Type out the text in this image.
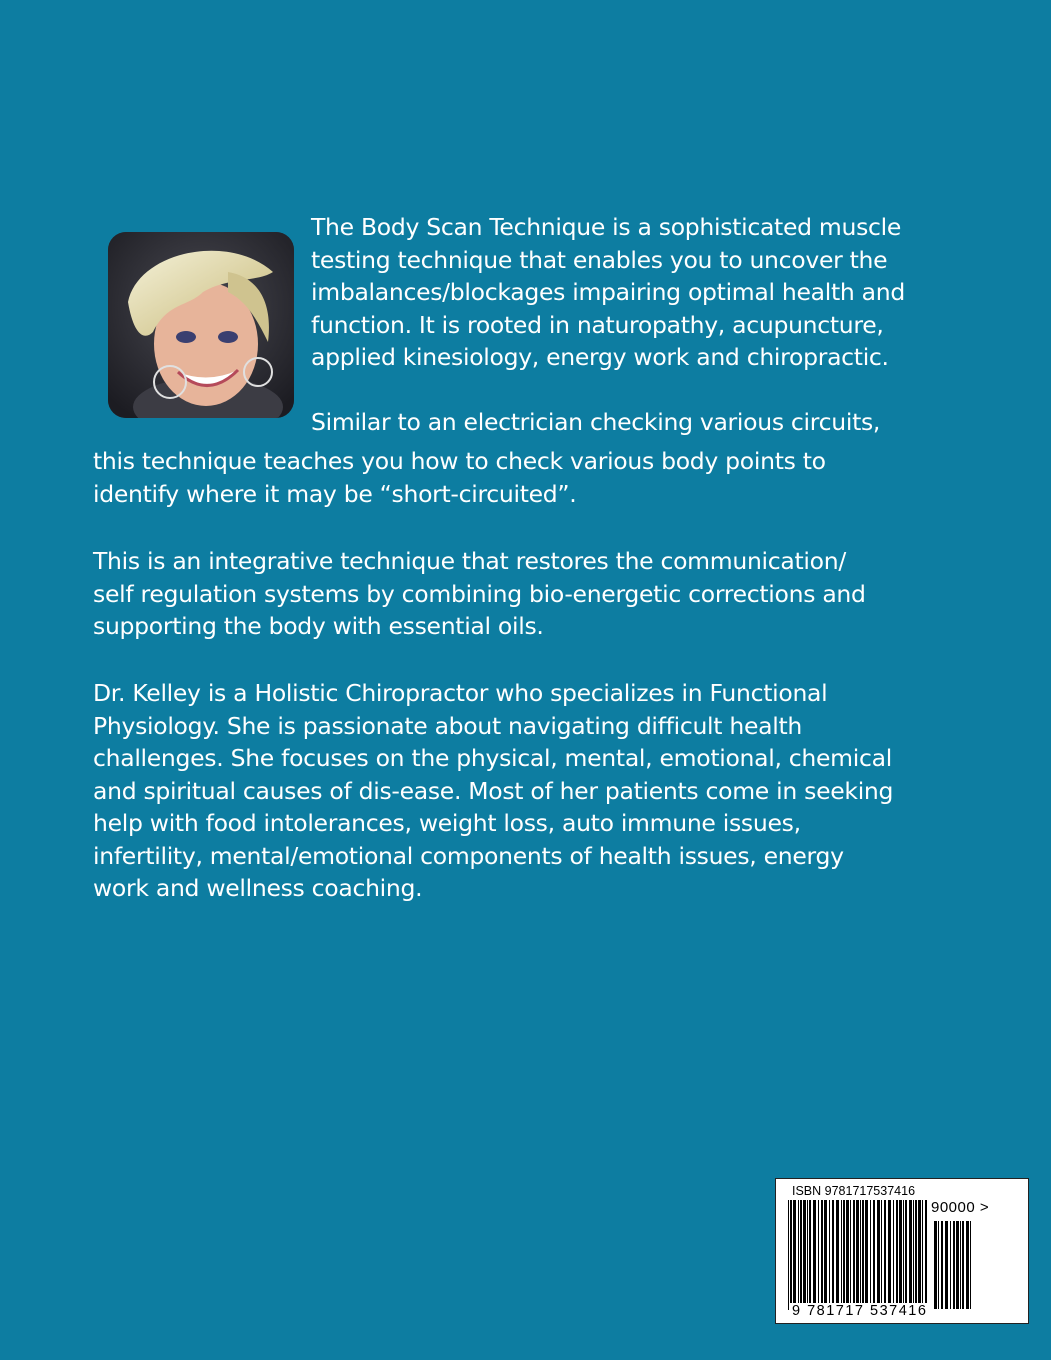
The Body Scan Technique is a sophisticated muscle
testing technique that enables you to uncover the
imbalances/blockages impairing optimal health and
function. It is rooted in naturopathy, acupuncture,
applied kinesiology, energy work and chiropractic.

Similar to an electrician checking various circuits,

this technique teaches you how to check various body points to
identify where it may be “short-circuited”.

This is an integrative technique that restores the communication/
self regulation systems by combining bio-energetic corrections and
supporting the body with essential oils.

Dr. Kelley is a Holistic Chiropractor who specializes in Functional
Physiology. She is passionate about navigating difficult health
challenges. She focuses on the physical, mental, emotional, chemical
and spiritual causes of dis-ease. Most of her patients come in seeking
help with food intolerances, weight loss, auto immune issues,
infertility, mental/emotional components of health issues, energy
work and wellness coaching.

ISBN 9781717537416
90000 >
9 781717 537416
